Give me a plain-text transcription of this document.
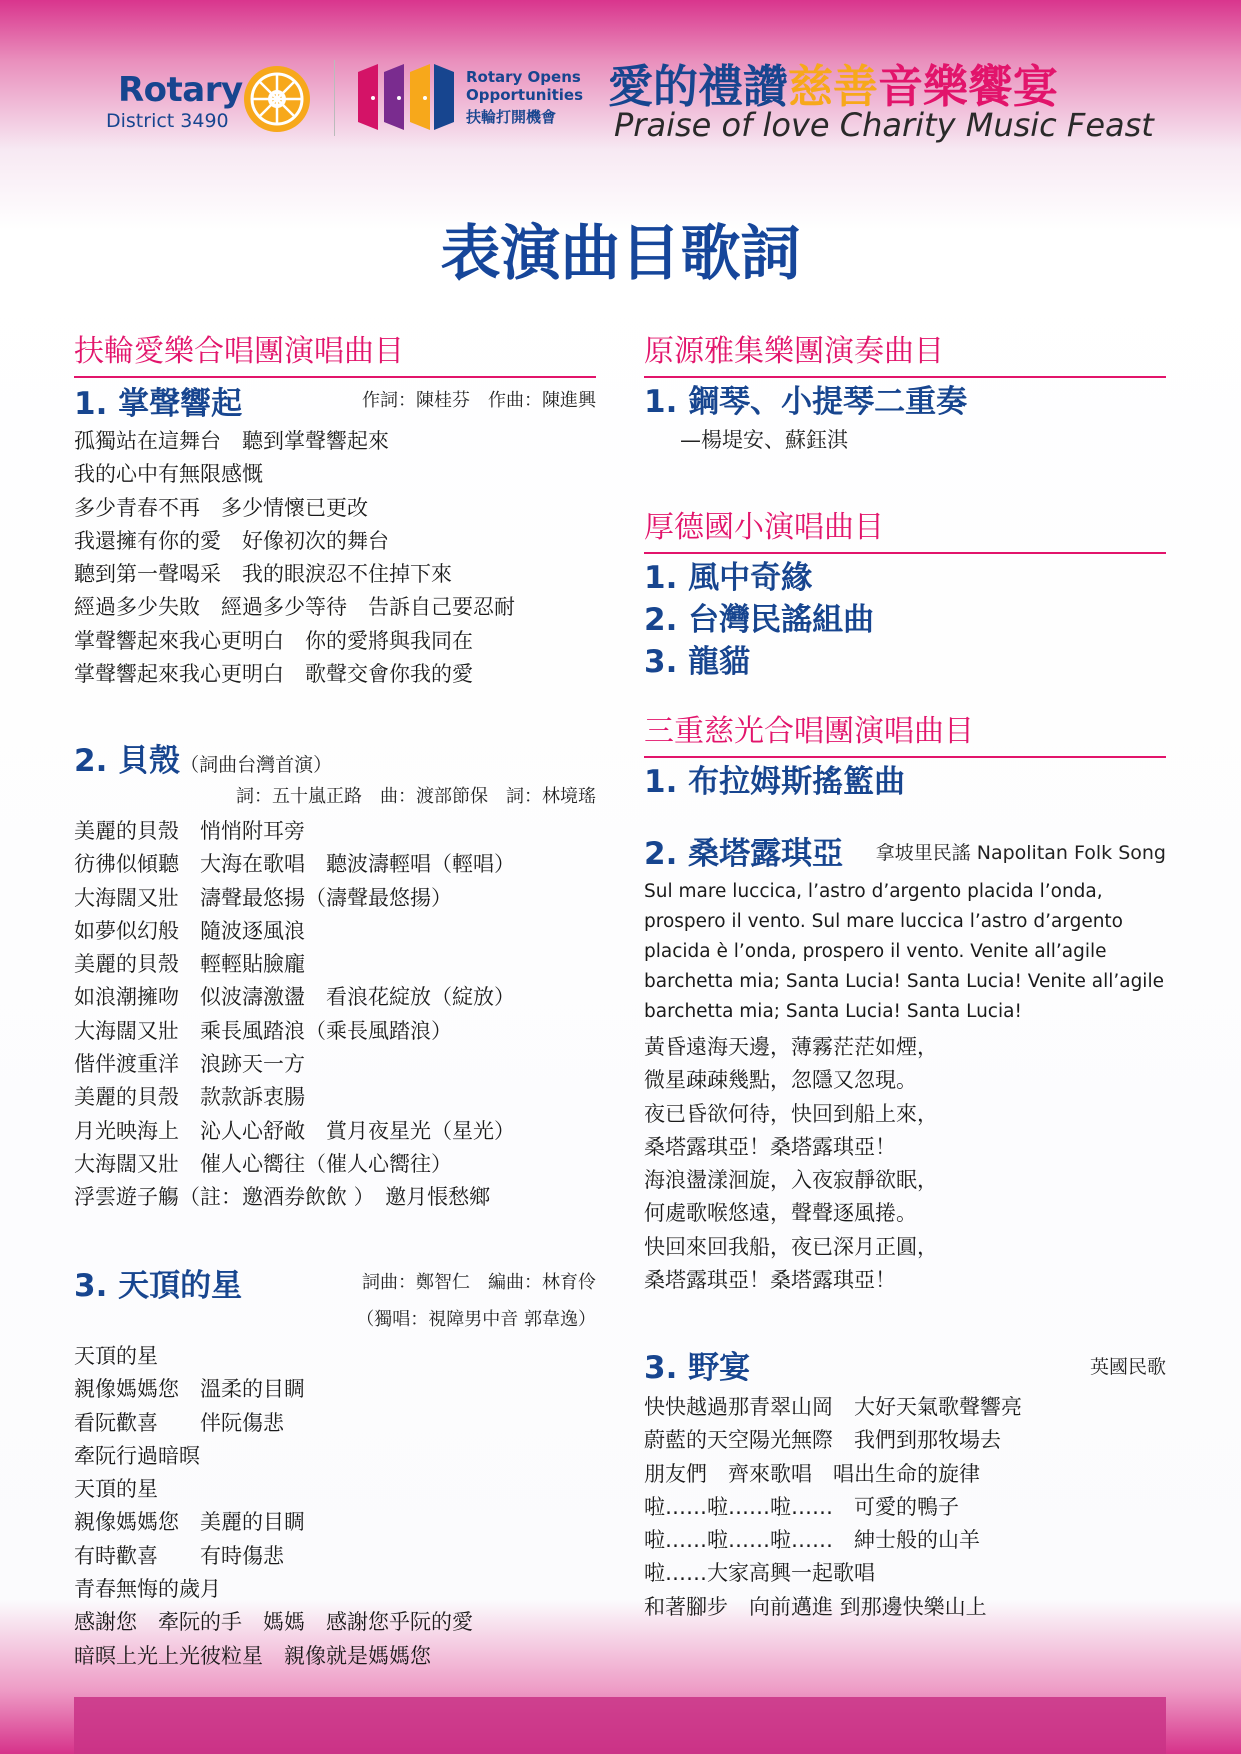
Rotary
District 3490
Rotary Opens
Opportunities
扶輪打開機會
愛的禮讚慈善音樂饗宴
Praise of love Charity Music Feast
表演曲目歌詞
扶輪愛樂合唱團演唱曲目
1. 掌聲響起	作詞：陳桂芬　作曲：陳進興
孤獨站在這舞台　聽到掌聲響起來
我的心中有無限感慨
多少青春不再　多少情懷已更改
我還擁有你的愛　好像初次的舞台
聽到第一聲喝采　我的眼淚忍不住掉下來
經過多少失敗　經過多少等待　告訴自己要忍耐
掌聲響起來我心更明白　你的愛將與我同在
掌聲響起來我心更明白　歌聲交會你我的愛
2. 貝殼（詞曲台灣首演）
詞：五十嵐正路　曲：渡部節保　詞：林境瑤
美麗的貝殼　悄悄附耳旁
彷彿似傾聽　大海在歌唱　聽波濤輕唱（輕唱）
大海闊又壯　濤聲最悠揚（濤聲最悠揚）
如夢似幻般　隨波逐風浪
美麗的貝殼　輕輕貼臉龐
如浪潮擁吻　似波濤激盪　看浪花綻放（綻放）
大海闊又壯　乘長風踏浪（乘長風踏浪）
偕伴渡重洋　浪跡天一方
美麗的貝殼　款款訴衷腸
月光映海上　沁人心舒敞　賞月夜星光（星光）
大海闊又壯　催人心嚮往（催人心嚮往）
浮雲遊子觴（註：邀酒券飲飲 ）　邀月悵愁鄉
3. 天頂的星	詞曲：鄭智仁　編曲：林育伶
（獨唱：視障男中音 郭韋逸）
天頂的星
親像媽媽您　溫柔的目睭
看阮歡喜　　伴阮傷悲
牽阮行過暗暝
天頂的星
親像媽媽您　美麗的目睭
有時歡喜　　有時傷悲
青春無悔的歲月
感謝您　牽阮的手　媽媽　感謝您乎阮的愛
暗暝上光上光彼粒星　親像就是媽媽您
原源雅集樂團演奏曲目
1. 鋼琴、小提琴二重奏
—楊堤安、蘇鈺淇
厚德國小演唱曲目
1. 風中奇緣
2. 台灣民謠組曲
3. 龍貓
三重慈光合唱團演唱曲目
1. 布拉姆斯搖籃曲
2. 桑塔露琪亞 拿坡里民謠 Napolitan Folk Song
Sul mare luccica, l’astro d’argento placida l’onda,
prospero il vento. Sul mare luccica l’astro d’argento
placida è l’onda, prospero il vento. Venite all’agile
barchetta mia; Santa Lucia! Santa Lucia! Venite all’agile
barchetta mia; Santa Lucia! Santa Lucia!
黃昏遠海天邊，薄霧茫茫如煙，
微星疎疎幾點，忽隱又忽現。
夜已昏欲何待，快回到船上來，
桑塔露琪亞！桑塔露琪亞！
海浪盪漾洄旋，入夜寂靜欲眠，
何處歌喉悠遠，聲聲逐風捲。
快回來回我船，夜已深月正圓，
桑塔露琪亞！桑塔露琪亞！
3. 野宴	英國民歌
快快越過那青翠山岡　大好天氣歌聲響亮
蔚藍的天空陽光無際　我們到那牧場去
朋友們　齊來歌唱　唱出生命的旋律
啦……啦……啦……　可愛的鴨子
啦……啦……啦……　紳士般的山羊
啦……大家高興一起歌唱
和著腳步　向前邁進 到那邊快樂山上
